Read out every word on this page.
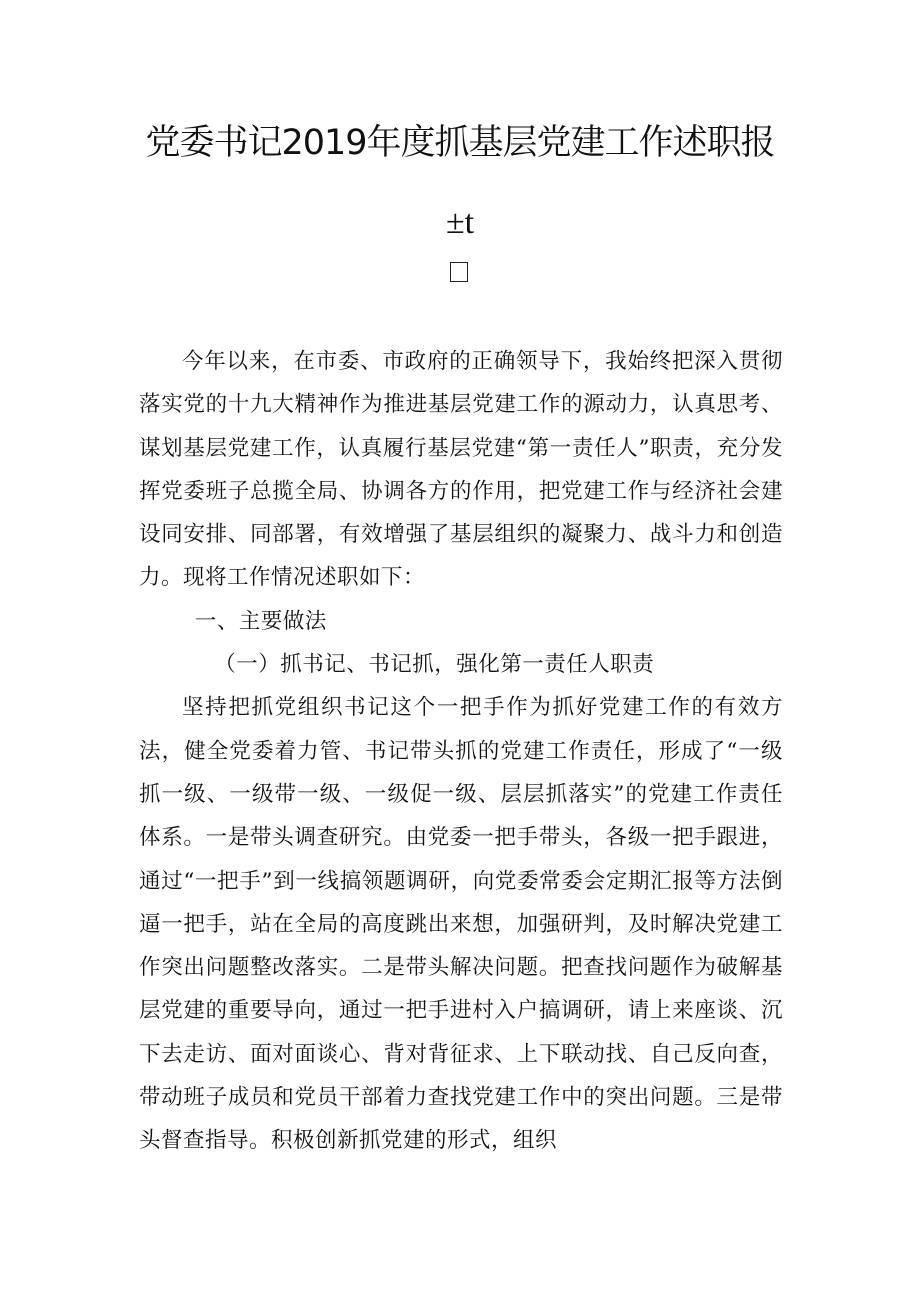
党委书记2019年度抓基层党建工作述职报
±t

今年以来，在市委、市政府的正确领导下，我始终把深入贯彻落实党的十九大精神作为推进基层党建工作的源动力，认真思考、谋划基层党建工作，认真履行基层党建“第一责任人”职责，充分发挥党委班子总揽全局、协调各方的作用，把党建工作与经济社会建设同安排、同部署，有效增强了基层组织的凝聚力、战斗力和创造力。现将工作情况述职如下：

一、主要做法

（一）抓书记、书记抓，强化第一责任人职责

坚持把抓党组织书记这个一把手作为抓好党建工作的有效方法，健全党委着力管、书记带头抓的党建工作责任，形成了“一级抓一级、一级带一级、一级促一级、层层抓落实”的党建工作责任体系。一是带头调查研究。由党委一把手带头，各级一把手跟进，通过“一把手”到一线搞领题调研，向党委常委会定期汇报等方法倒逼一把手，站在全局的高度跳出来想，加强研判，及时解决党建工作突出问题整改落实。二是带头解决问题。把查找问题作为破解基层党建的重要导向，通过一把手进村入户搞调研，请上来座谈、沉下去走访、面对面谈心、背对背征求、上下联动找、自己反向查，带动班子成员和党员干部着力查找党建工作中的突出问题。三是带头督查指导。积极创新抓党建的形式，组织
